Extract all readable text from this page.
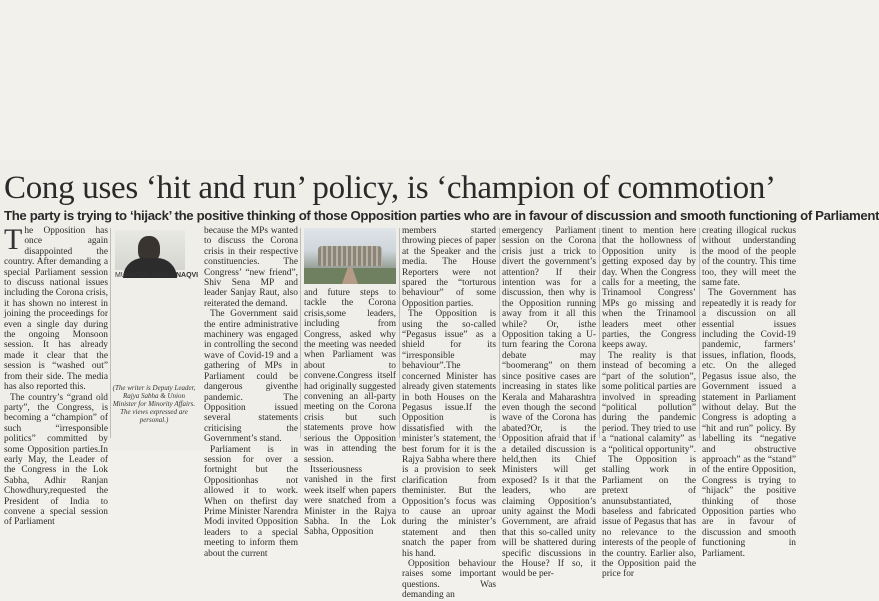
Cong uses ‘hit and run’ policy, is ‘champion of commotion’
The party is trying to ‘hijack’ the positive thinking of those Opposition parties who are in favour of discussion and smooth functioning of Parliament

The Opposition has once again disappointed the country. After demanding a special Parliament session to discuss national issues including the Corona crisis, it has shown no interest in joining the proceedings for even a single day during the ongoing Monsoon session. It has already made it clear that the session is “washed out” from their side. The media has also reported this.

The country’s “grand old party”, the Congress, is becoming a “champion” of such “irresponsible politics” committed by some Opposition parties.In early May, the Leader of the Congress in the Lok Sabha, Adhir Ranjan Chowdhury,requested the President of India to convene a special session of Parliament

MUKHTAR ABBAS NAQVI
(The writer is Deputy Leader, Rajya Sabha & Union Minister for Minority Affairs. The views expressed are personal.)

because the MPs wanted to discuss the Corona crisis in their respective constituencies. The Congress’ “new friend”, Shiv Sena MP and leader Sanjay Raut, also reiterated the demand.

The Government said the entire administrative machinery was engaged in controlling the second wave of Covid-19 and a gathering of MPs in Parliament could be dangerous giventhe pandemic. The Opposition issued several statements criticising the Government’s stand.

Parliament is in session for over a fortnight but the Oppositionhas not allowed it to work. When on thefirst day Prime Minister Narendra Modi invited Opposition leaders to a special meeting to inform them about the current

and future steps to tackle the Corona crisis,some leaders, including from Congress, asked why the meeting was needed when Parliament was about to convene.Congress itself had originally suggested convening an all-party meeting on the Corona crisis but such statements prove how serious the Opposition was in attending the session.

Itsseriousness vanished in the first week itself when papers were snatched from a Minister in the Rajya Sabha. In the Lok Sabha, Opposition

members started throwing pieces of paper at the Speaker and the media. The House Reporters were not spared the “torturous behaviour” of some Opposition parties.

The Opposition is using the so-called “Pegasus issue” as a shield for its “irresponsible behaviour”.The concerned Minister has already given statements in both Houses on the Pegasus issue.If the Opposition is dissatisfied with the minister’s statement, the best forum for it is the Rajya Sabha where there is a provision to seek clarification from theminister. But the Opposition’s focus was to cause an uproar during the minister’s statement and then snatch the paper from his hand.

Opposition behaviour raises some important questions. Was demanding an

emergency Parliament session on the Corona crisis just a trick to divert the government’s attention? If their intention was for a discussion, then why is the Opposition running away from it all this while? Or, isthe Opposition taking a U-turn fearing the Corona debate may “boomerang” on them since positive cases are increasing in states like Kerala and Maharashtra even though the second wave of the Corona has abated?Or, is the Opposition afraid that if a detailed discussion is held,then its Chief Ministers will get exposed? Is it that the leaders, who are claiming Opposition’s unity against the Modi Government, are afraid that this so-called unity will be shattered during specific discussions in the House? If so, it would be per-

tinent to mention here that the hollowness of Opposition unity is getting exposed day by day. When the Congress calls for a meeting, the Trinamool Congress’ MPs go missing and when the Trinamool leaders meet other parties, the Congress keeps away.

The reality is that instead of becoming a “part of the solution”, some political parties are involved in spreading “political pollution” during the pandemic period. They tried to use a “national calamity” as a “political opportunity”.

The Opposition is stalling work in Parliament on the pretext of anunsubstantiated, baseless and fabricated issue of Pegasus that has no relevance to the interests of the people of the country. Earlier also, the Opposition paid the price for

creating illogical ruckus without understanding the mood of the people of the country. This time too, they will meet the same fate.

The Government has repeatedly it is ready for a discussion on all essential issues including the Covid-19 pandemic, farmers’ issues, inflation, floods, etc. On the alleged Pegasus issue also, the Government issued a statement in Parliament without delay. But the Congress is adopting a “hit and run” policy. By labelling its “negative and obstructive approach” as the “stand” of the entire Opposition, Congress is trying to “hijack” the positive thinking of those Opposition parties who are in favour of discussion and smooth functioning in Parliament.
